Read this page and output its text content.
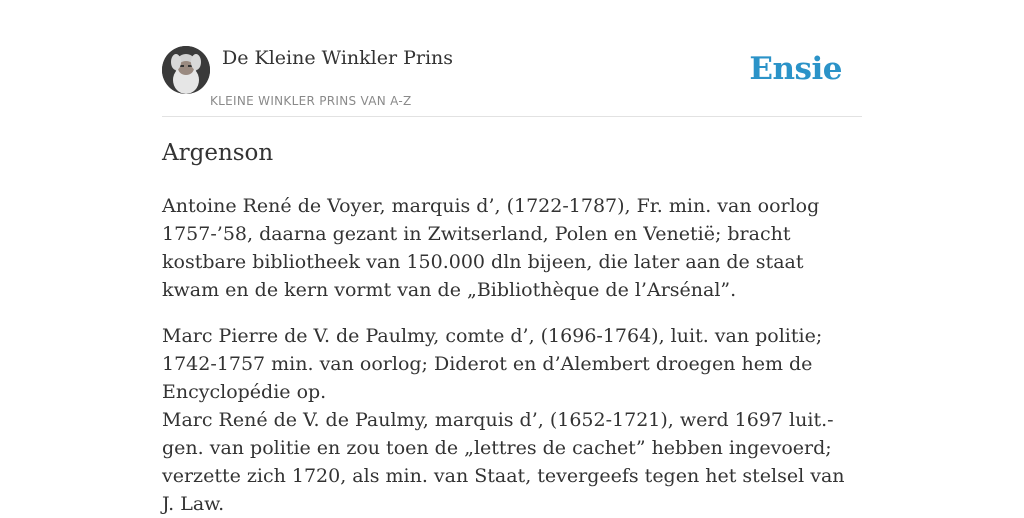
De Kleine Winkler Prins
KLEINE WINKLER PRINS VAN A-Z
Ensie
Argenson

Antoine René de Voyer, marquis d’, (1722-1787), Fr. min. van oorlog 1757-’58, daarna gezant in Zwitserland, Polen en Venetië; bracht kostbare bibliotheek van 150.000 dln bijeen, die later aan de staat kwam en de kern vormt van de „Bibliothèque de l’Arsénal”.

Marc Pierre de V. de Paulmy, comte d’, (1696-1764), luit. van politie; 1742-1757 min. van oorlog; Diderot en d’Alembert droegen hem de Encyclopédie op.

Marc René de V. de Paulmy, marquis d’, (1652-1721), werd 1697 luit.-gen. van politie en zou toen de „lettres de cachet” hebben ingevoerd; verzette zich 1720, als min. van Staat, tevergeefs tegen het stelsel van J. Law.
